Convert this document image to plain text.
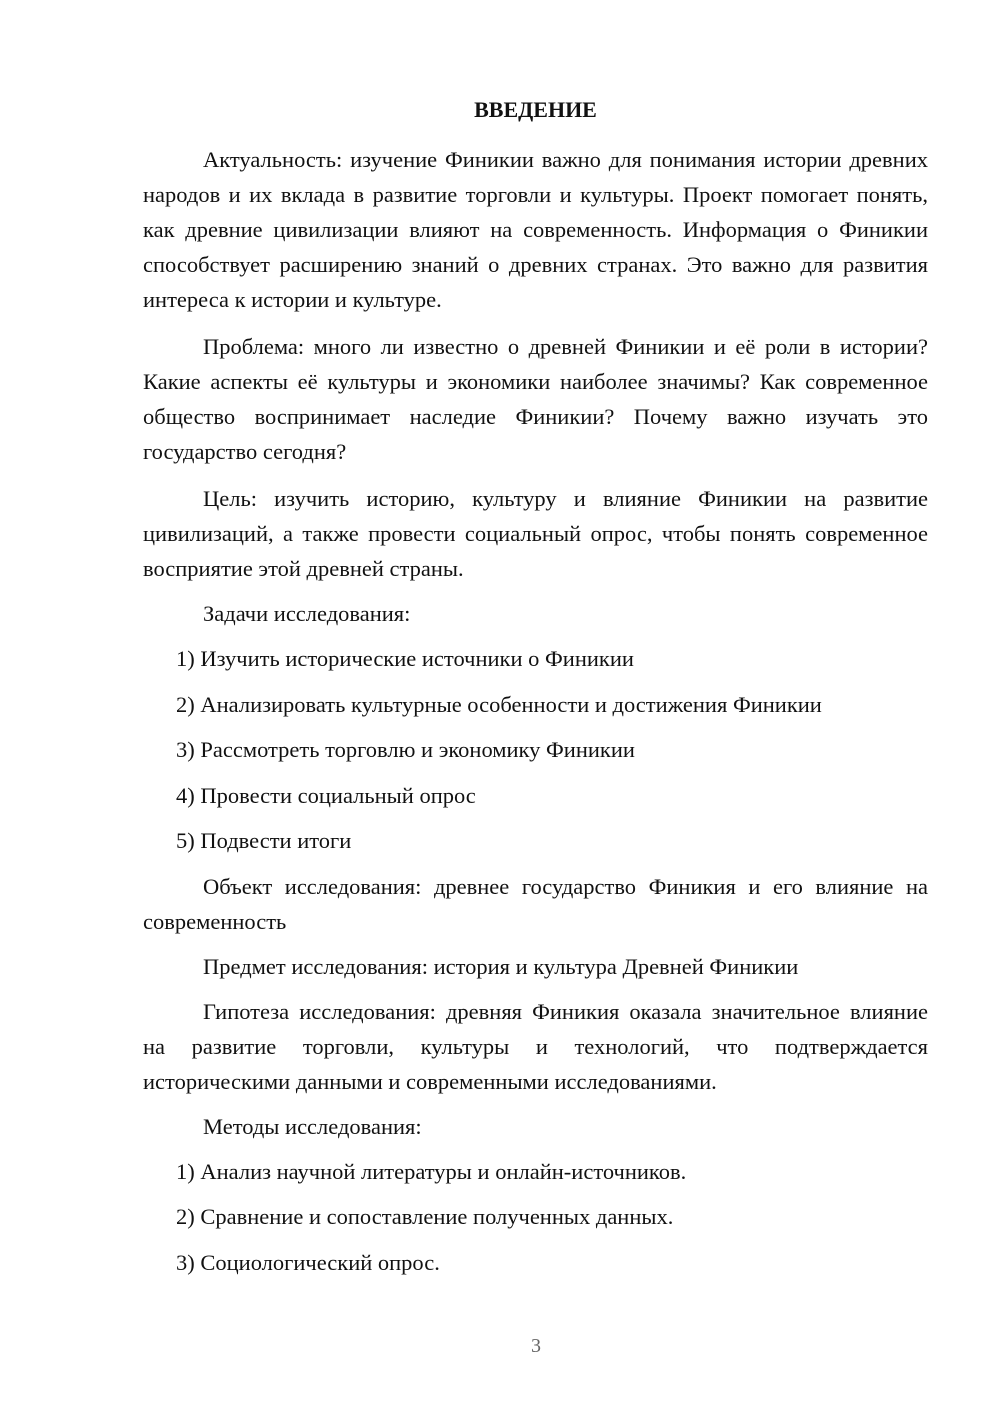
ВВЕДЕНИЕ

Актуальность: изучение Финикии важно для понимания истории древних народов и их вклада в развитие торговли и культуры. Проект помогает понять, как древние цивилизации влияют на современность. Информация о Финикии способствует расширению знаний о древних странах. Это важно для развития интереса к истории и культуре.

Проблема: много ли известно о древней Финикии и её роли в истории? Какие аспекты её культуры и экономики наиболее значимы? Как современное общество воспринимает наследие Финикии? Почему важно изучать это государство сегодня?

Цель: изучить историю, культуру и влияние Финикии на развитие цивилизаций, а также провести социальный опрос, чтобы понять современное восприятие этой древней страны.

Задачи исследования:

1) Изучить исторические источники о Финикии

2) Анализировать культурные особенности и достижения Финикии

3) Рассмотреть торговлю и экономику Финикии

4) Провести социальный опрос

5) Подвести итоги

Объект исследования: древнее государство Финикия и его влияние на современность

Предмет исследования: история и культура Древней Финикии

Гипотеза исследования: древняя Финикия оказала значительное влияние на развитие торговли, культуры и технологий, что подтверждается историческими данными и современными исследованиями.

Методы исследования:

1) Анализ научной литературы и онлайн-источников.

2) Сравнение и сопоставление полученных данных.

3) Социологический опрос.

3
